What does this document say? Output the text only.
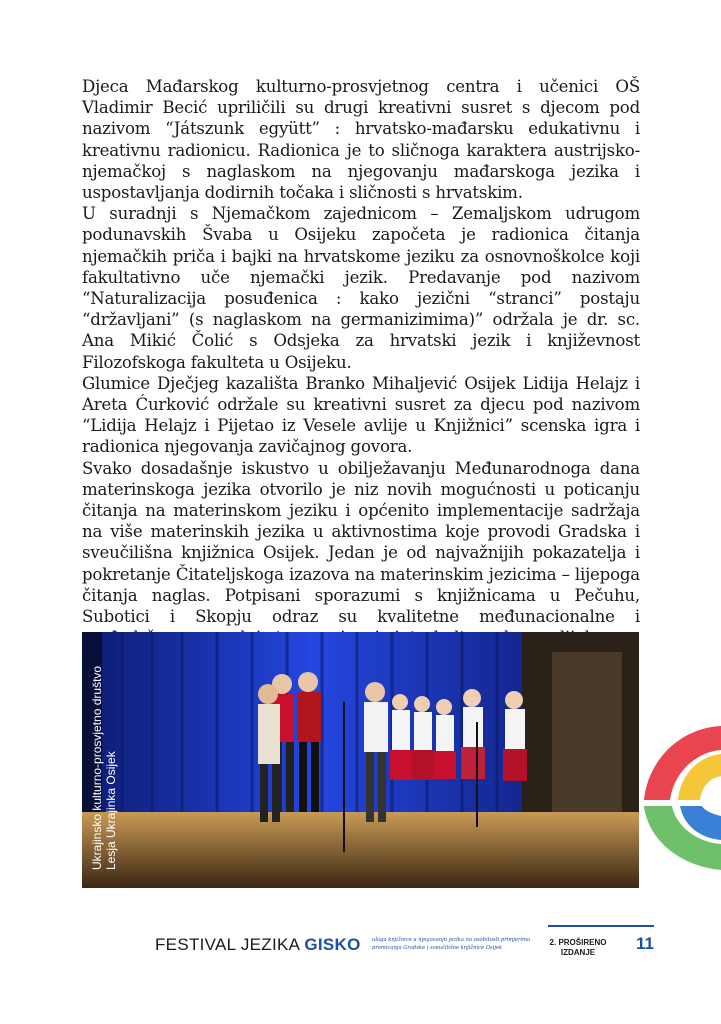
Djeca Mađarskog kulturno-prosvjetnog centra i učenici OŠ Vladimir Becić upriličili su drugi kreativni susret s djecom pod nazivom “Játszunk együtt” : hrvatsko-mađarsku edukativnu i kreativnu radionicu. Radionica je to sličnoga karaktera austrijsko-njemačkoj s naglaskom na njegovanju mađarskoga jezika i uspostavljanja dodirnih točaka i sličnosti s hrvatskim.

U suradnji s Njemačkom zajednicom – Zemaljskom udrugom podunavskih Švaba u Osijeku započeta je radionica čitanja njemačkih priča i bajki na hrvatskome jeziku za osnovnoškolce koji fakultativno uče njemački jezik. Predavanje pod nazivom “Naturalizacija posuđenica : kako jezični “stranci” postaju “državljani” (s naglaskom na germanizimima)” održala je dr. sc. Ana Mikić Čolić s Odsjeka za hrvatski jezik i književnost Filozofskoga fakulteta u Osijeku.

Glumice Dječjeg kazališta Branko Mihaljević Osijek Lidija Helajz i Areta Ćurković održale su kreativni susret za djecu pod nazivom “Lidija Helajz i Pijetao iz Vesele avlije u Knjižnici” scenska igra i radionica njegovanja zavičajnog govora.

Svako dosadašnje iskustvo u obilježavanju Međunarodnoga dana materinskoga jezika otvorilo je niz novih mogućnosti u poticanju čitanja na materinskom jeziku i općenito implementacije sadržaja na više materinskih jezika u aktivnostima koje provodi Gradska i sveučilišna knjižnica Osijek. Jedan je od najvažnijih pokazatelja i pokretanje Čitateljskoga izazova na materinskim jezicima – lijepoga čitanja naglas. Potpisani sporazumi s knjižnicama u Pečuhu, Subotici i Skopju odraz su kvalitetne međunacionalne i

Ukrajinsko kulturno-prosvjetno društvo Lesja Ukrajinka Osijek
FESTIVAL JEZIKA GISKO uloga knjižnice u njegovanju jezika na osobitosti primjerima promicanja Gradske i sveučilišne knjižnice Osijek
2. PROŠIRENO IZDANJE	11
